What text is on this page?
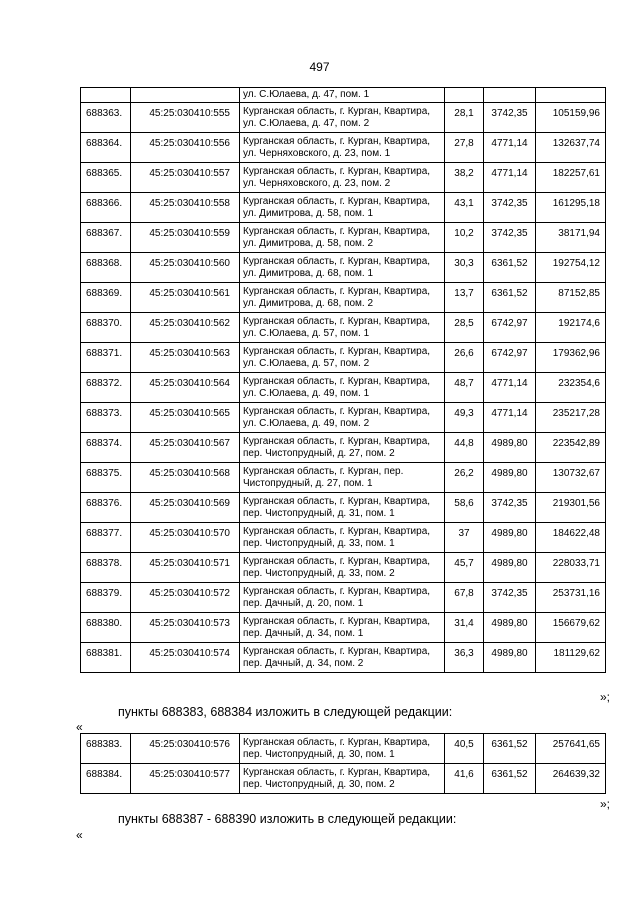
497
		ул. С.Юлаева, д. 47, пом. 1			
688363.	45:25:030410:555	Курганская область, г. Курган, Квартира, ул. С.Юлаева, д. 47, пом. 2	28,1	3742,35	105159,96
688364.	45:25:030410:556	Курганская область, г. Курган, Квартира, ул. Черняховского, д. 23, пом. 1	27,8	4771,14	132637,74
688365.	45:25:030410:557	Курганская область, г. Курган, Квартира, ул. Черняховского, д. 23, пом. 2	38,2	4771,14	182257,61
688366.	45:25:030410:558	Курганская область, г. Курган, Квартира, ул. Димитрова, д. 58, пом. 1	43,1	3742,35	161295,18
688367.	45:25:030410:559	Курганская область, г. Курган, Квартира, ул. Димитрова, д. 58, пом. 2	10,2	3742,35	38171,94
688368.	45:25:030410:560	Курганская область, г. Курган, Квартира, ул. Димитрова, д. 68, пом. 1	30,3	6361,52	192754,12
688369.	45:25:030410:561	Курганская область, г. Курган, Квартира, ул. Димитрова, д. 68, пом. 2	13,7	6361,52	87152,85
688370.	45:25:030410:562	Курганская область, г. Курган, Квартира, ул. С.Юлаева, д. 57, пом. 1	28,5	6742,97	192174,6
688371.	45:25:030410:563	Курганская область, г. Курган, Квартира, ул. С.Юлаева, д. 57, пом. 2	26,6	6742,97	179362,96
688372.	45:25:030410:564	Курганская область, г. Курган, Квартира, ул. С.Юлаева, д. 49, пом. 1	48,7	4771,14	232354,6
688373.	45:25:030410:565	Курганская область, г. Курган, Квартира, ул. С.Юлаева, д. 49, пом. 2	49,3	4771,14	235217,28
688374.	45:25:030410:567	Курганская область, г. Курган, Квартира, пер. Чистопрудный, д. 27, пом. 2	44,8	4989,80	223542,89
688375.	45:25:030410:568	Курганская область, г. Курган, пер. Чистопрудный, д. 27, пом. 1	26,2	4989,80	130732,67
688376.	45:25:030410:569	Курганская область, г. Курган, Квартира, пер. Чистопрудный, д. 31, пом. 1	58,6	3742,35	219301,56
688377.	45:25:030410:570	Курганская область, г. Курган, Квартира, пер. Чистопрудный, д. 33, пом. 1	37	4989,80	184622,48
688378.	45:25:030410:571	Курганская область, г. Курган, Квартира, пер. Чистопрудный, д. 33, пом. 2	45,7	4989,80	228033,71
688379.	45:25:030410:572	Курганская область, г. Курган, Квартира, пер. Дачный, д. 20, пом. 1	67,8	3742,35	253731,16
688380.	45:25:030410:573	Курганская область, г. Курган, Квартира, пер. Дачный, д. 34, пом. 1	31,4	4989,80	156679,62
688381.	45:25:030410:574	Курганская область, г. Курган, Квартира, пер. Дачный, д. 34, пом. 2	36,3	4989,80	181129,62
»;
пункты 688383, 688384 изложить в следующей редакции:
«
688383.	45:25:030410:576	Курганская область, г. Курган, Квартира, пер. Чистопрудный, д. 30, пом. 1	40,5	6361,52	257641,65
688384.	45:25:030410:577	Курганская область, г. Курган, Квартира, пер. Чистопрудный, д. 30, пом. 2	41,6	6361,52	264639,32
»;
пункты 688387 - 688390 изложить в следующей редакции:
«
